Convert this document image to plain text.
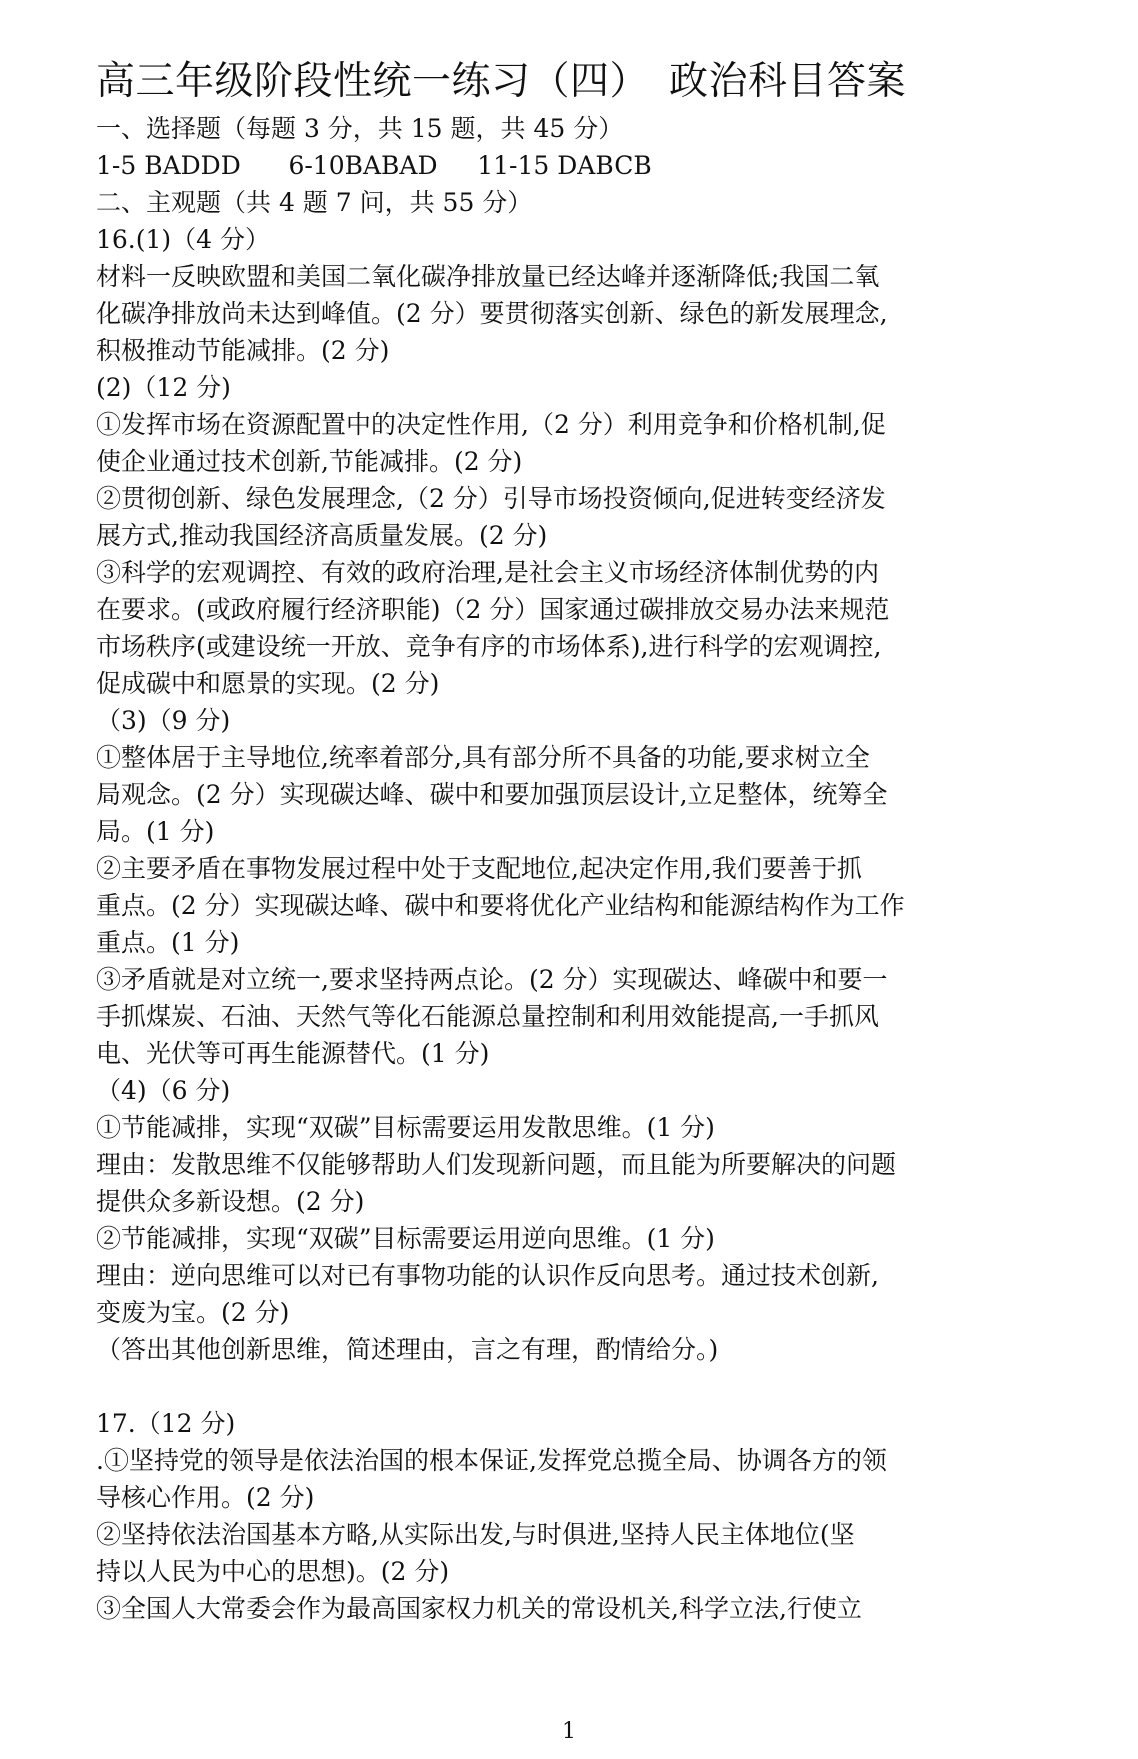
高三年级阶段性统一练习（四）　政治科目答案
一、选择题（每题 3 分，共 15 题，共 45 分）
1-5 BADDD      6-10BABAD     11-15 DABCB
二、主观题（共 4 题 7 问，共 55 分）
16.(1)（4 分）
材料一反映欧盟和美国二氧化碳净排放量已经达峰并逐渐降低;我国二氧
化碳净排放尚未达到峰值。(2 分）要贯彻落实创新、绿色的新发展理念,
积极推动节能减排。(2 分)
(2)（12 分)
①发挥市场在资源配置中的决定性作用,（2 分）利用竞争和价格机制,促
使企业通过技术创新,节能减排。(2 分)
②贯彻创新、绿色发展理念,（2 分）引导市场投资倾向,促进转变经济发
展方式,推动我国经济高质量发展。(2 分)
③科学的宏观调控、有效的政府治理,是社会主义市场经济体制优势的内
在要求。(或政府履行经济职能)（2 分）国家通过碳排放交易办法来规范
市场秩序(或建设统一开放、竞争有序的市场体系),进行科学的宏观调控,
促成碳中和愿景的实现。(2 分)
（3)（9 分)
①整体居于主导地位,统率着部分,具有部分所不具备的功能,要求树立全
局观念。(2 分）实现碳达峰、碳中和要加强顶层设计,立足整体，统筹全
局。(1 分)
②主要矛盾在事物发展过程中处于支配地位,起决定作用,我们要善于抓
重点。(2 分）实现碳达峰、碳中和要将优化产业结构和能源结构作为工作
重点。(1 分)
③矛盾就是对立统一,要求坚持两点论。(2 分）实现碳达、峰碳中和要一
手抓煤炭、石油、天然气等化石能源总量控制和利用效能提高,一手抓风
电、光伏等可再生能源替代。(1 分)
（4)（6 分)
①节能减排，实现“双碳”目标需要运用发散思维。(1 分)
理由：发散思维不仅能够帮助人们发现新问题，而且能为所要解决的问题
提供众多新设想。(2 分)
②节能减排，实现“双碳”目标需要运用逆向思维。(1 分)
理由：逆向思维可以对已有事物功能的认识作反向思考。通过技术创新,
变废为宝。(2 分)
（答出其他创新思维，简述理由，言之有理，酌情给分。)
17.（12 分)
.①坚持党的领导是依法治国的根本保证,发挥党总揽全局、协调各方的领
导核心作用。(2 分)
②坚持依法治国基本方略,从实际出发,与时俱进,坚持人民主体地位(坚
持以人民为中心的思想)。(2 分)
③全国人大常委会作为最高国家权力机关的常设机关,科学立法,行使立
1
